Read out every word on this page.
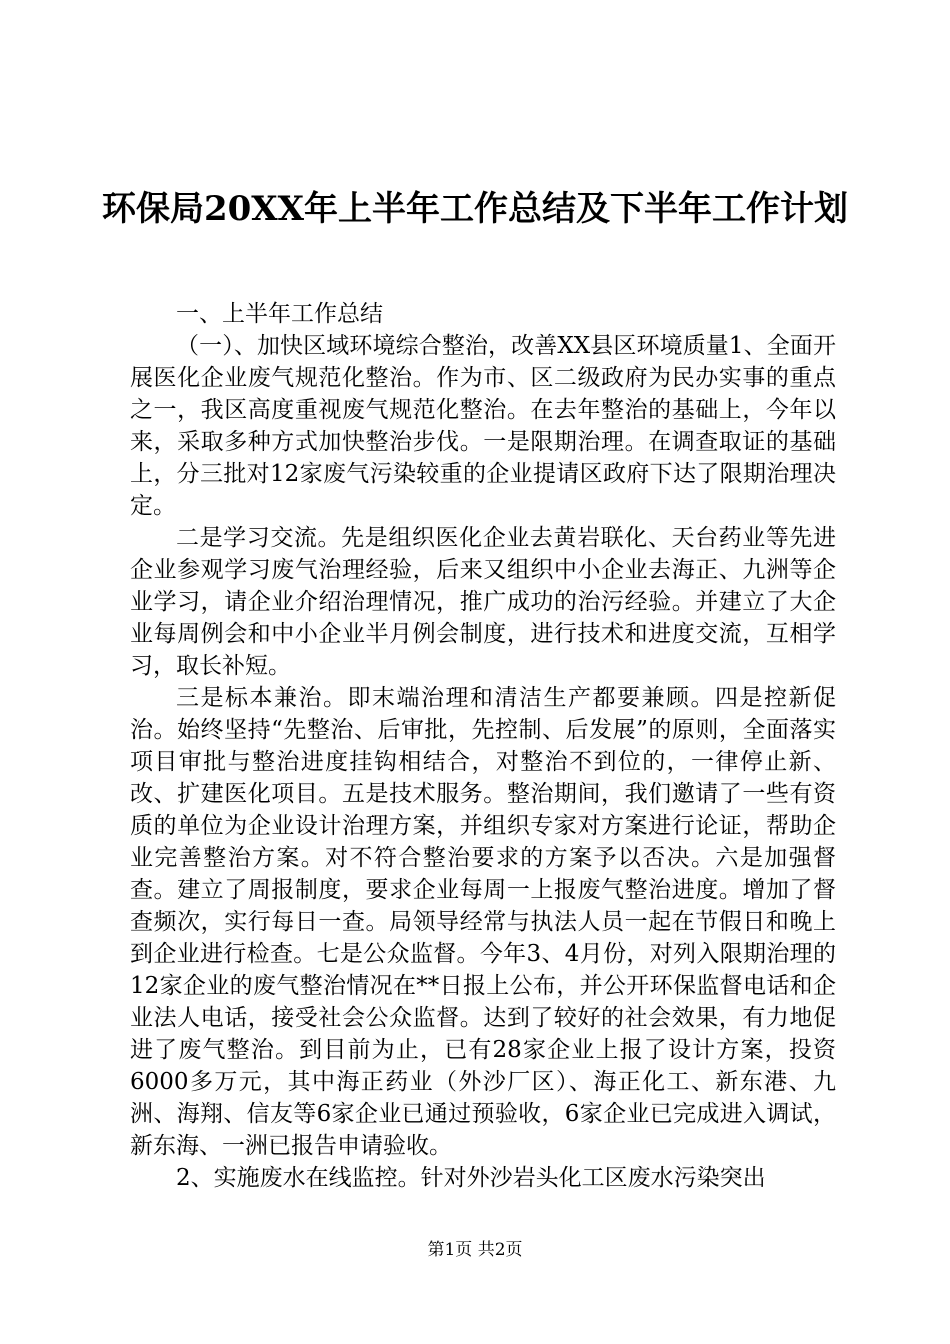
环保局20XX年上半年工作总结及下半年工作计划

一、上半年工作总结

（一）、加快区域环境综合整治，改善XX县区环境质量1、全面开展医化企业废气规范化整治。作为市、区二级政府为民办实事的重点之一，我区高度重视废气规范化整治。在去年整治的基础上，今年以来，采取多种方式加快整治步伐。一是限期治理。在调查取证的基础上，分三批对12家废气污染较重的企业提请区政府下达了限期治理决定。

二是学习交流。先是组织医化企业去黄岩联化、天台药业等先进企业参观学习废气治理经验，后来又组织中小企业去海正、九洲等企业学习，请企业介绍治理情况，推广成功的治污经验。并建立了大企业每周例会和中小企业半月例会制度，进行技术和进度交流，互相学习，取长补短。

三是标本兼治。即末端治理和清洁生产都要兼顾。四是控新促治。始终坚持“先整治、后审批，先控制、后发展”的原则，全面落实项目审批与整治进度挂钩相结合，对整治不到位的，一律停止新、改、扩建医化项目。五是技术服务。整治期间，我们邀请了一些有资质的单位为企业设计治理方案，并组织专家对方案进行论证，帮助企业完善整治方案。对不符合整治要求的方案予以否决。六是加强督查。建立了周报制度，要求企业每周一上报废气整治进度。增加了督查频次，实行每日一查。局领导经常与执法人员一起在节假日和晚上到企业进行检查。七是公众监督。今年3、4月份，对列入限期治理的12家企业的废气整治情况在**日报上公布，并公开环保监督电话和企业法人电话，接受社会公众监督。达到了较好的社会效果，有力地促进了废气整治。到目前为止，已有28家企业上报了设计方案，投资6000多万元，其中海正药业（外沙厂区）、海正化工、新东港、九洲、海翔、信友等6家企业已通过预验收，6家企业已完成进入调试，新东海、一洲已报告申请验收。

2、实施废水在线监控。针对外沙岩头化工区废水污染突出

第1页 共2页
